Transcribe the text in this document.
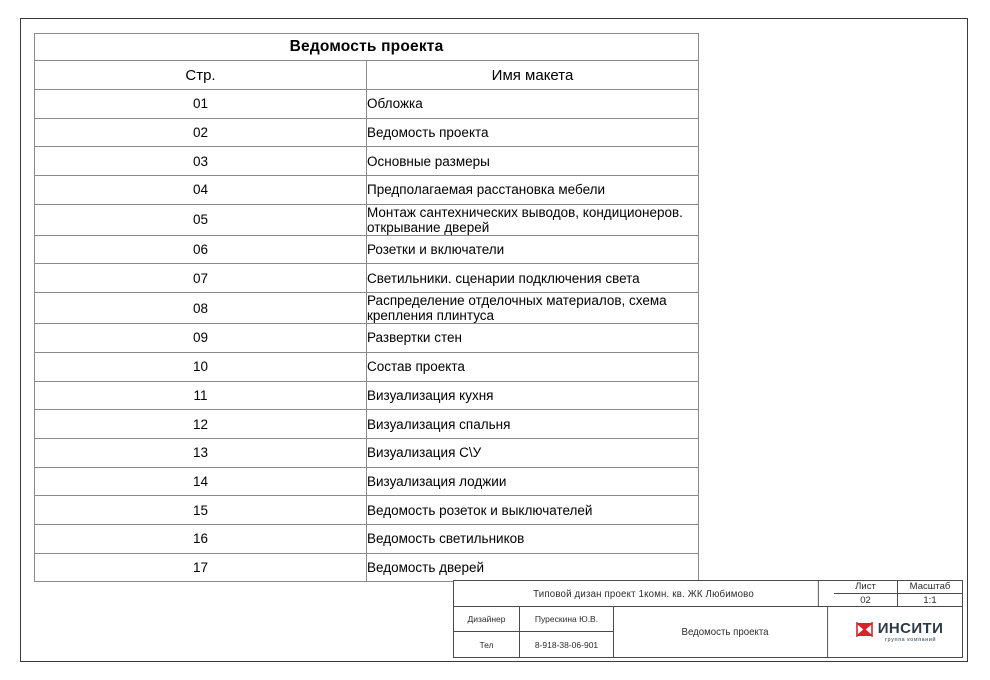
Ведомость проекта	
Стр.	Имя макета
01	Обложка
02	Ведомость проекта
03	Основные размеры
04	Предполагаемая расстановка мебели
05	Монтаж сантехнических выводов, кондиционеров. открывание дверей
06	Розетки и включатели
07	Светильники. сценарии подключения света
08	Распределение отделочных материалов, схема крепления плинтуса
09	Развертки стен
10	Состав проекта
11	Визуализация кухня
12	Визуализация спальня
13	Визуализация С\У
14	Визуализация лоджии
15	Ведомость розеток и выключателей
16	Ведомость светильников
17	Ведомость дверей
Типовой дизан проект 1комн. кв. ЖК Любимово
Лист
02
Масштаб
1:1
Дизайнер	Пурескина Ю.В.
Тел	8-918-38-06-901
Ведомость проекта	ИНСИТИ
группа компаний
